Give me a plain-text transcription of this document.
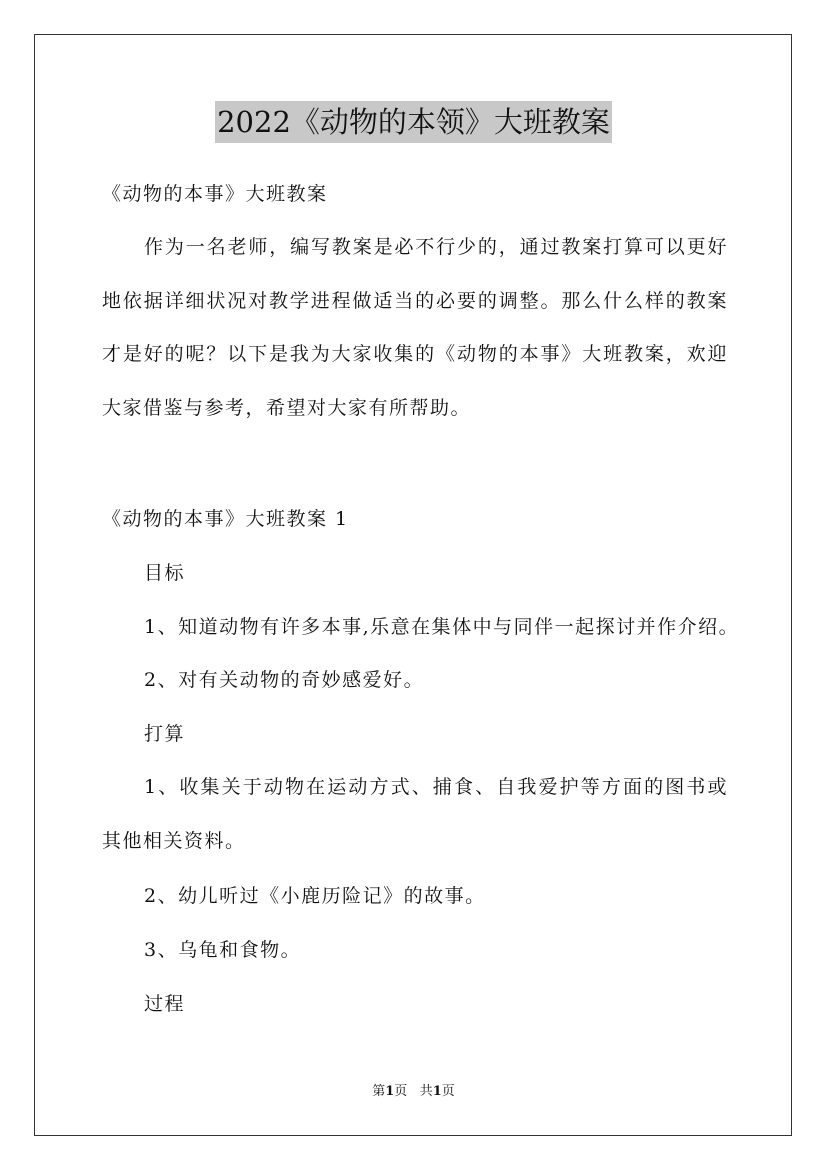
2022《动物的本领》大班教案
《动物的本事》大班教案
作为一名老师，编写教案是必不行少的，通过教案打算可以更好地依据详细状况对教学进程做适当的必要的调整。那么什么样的教案才是好的呢？以下是我为大家收集的《动物的本事》大班教案，欢迎大家借鉴与参考，希望对大家有所帮助。
《动物的本事》大班教案 1
目标
1、知道动物有许多本事,乐意在集体中与同伴一起探讨并作介绍。
2、对有关动物的奇妙感爱好。
打算
1、收集关于动物在运动方式、捕食、自我爱护等方面的图书或其他相关资料。
2、幼儿听过《小鹿历险记》的故事。
3、乌龟和食物。
过程
第1页   共1页
